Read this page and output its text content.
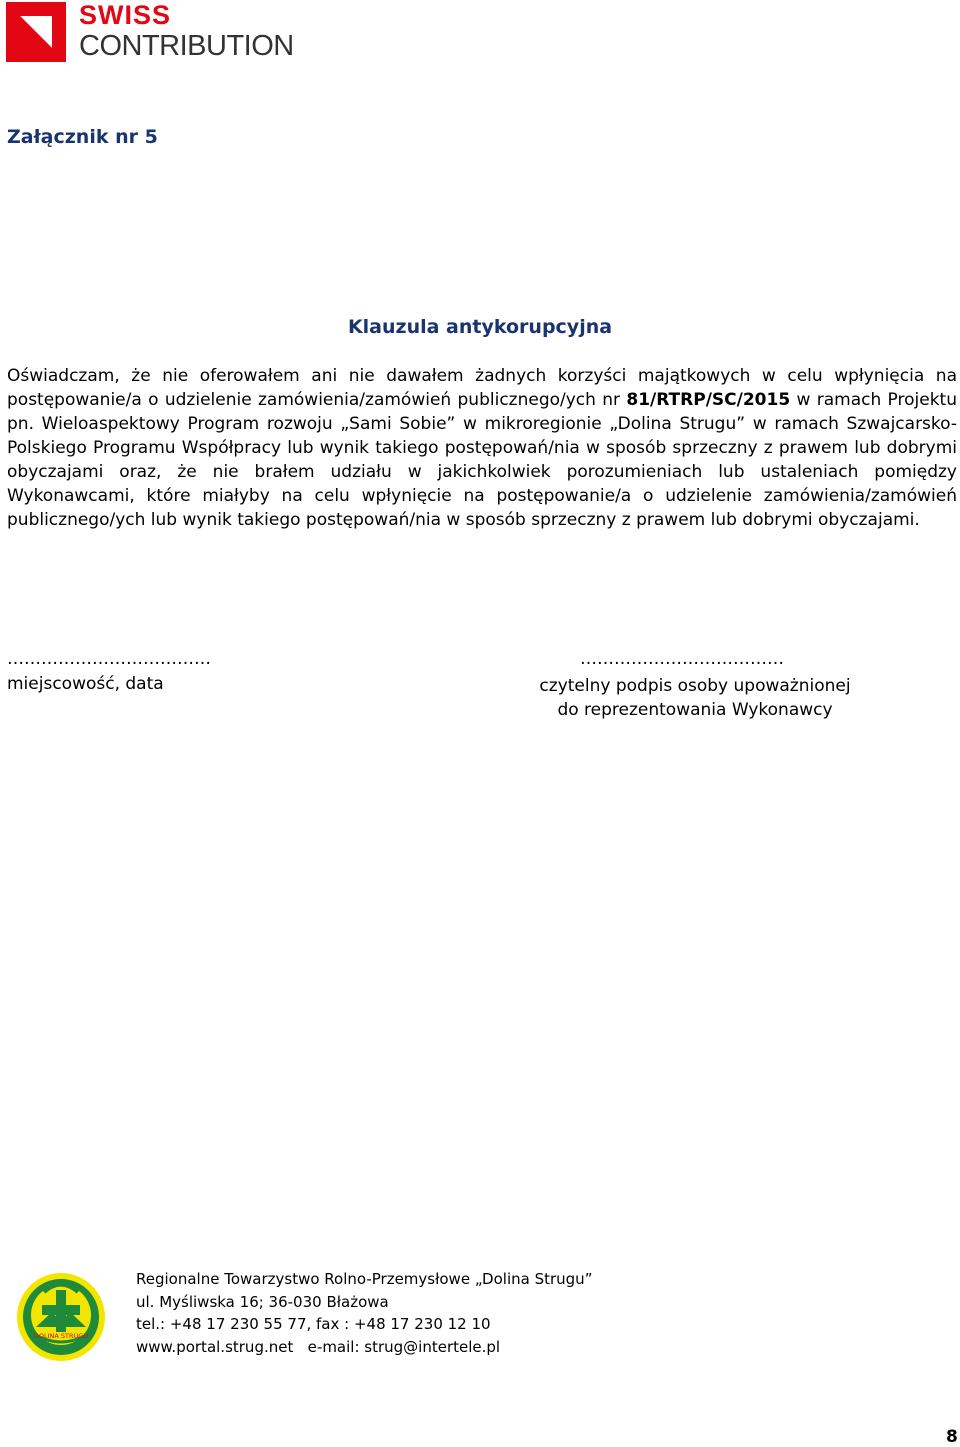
SWISS
CONTRIBUTION
Załącznik nr 5
Klauzula antykorupcyjna
Oświadczam, że nie oferowałem ani nie dawałem żadnych korzyści majątkowych w celu wpłynięcia na postępowanie/a o udzielenie zamówienia/zamówień publicznego/ych nr 81/RTRP/SC/2015 w ramach Projektu pn. Wieloaspektowy Program rozwoju „Sami Sobie” w mikroregionie „Dolina Strugu” w ramach Szwajcarsko-Polskiego Programu Współpracy lub wynik takiego postępowań/nia w sposób sprzeczny z prawem lub dobrymi obyczajami oraz, że nie brałem udziału w jakichkolwiek porozumieniach lub ustaleniach pomiędzy Wykonawcami, które miałyby na celu wpłynięcie na postępowanie/a o udzielenie zamówienia/zamówień publicznego/ych lub wynik takiego postępowań/nia w sposób sprzeczny z prawem lub dobrymi obyczajami.
………………………………	………………………………
miejscowość, data	czytelny podpis osoby upoważnionej
do reprezentowania Wykonawcy
DOLINA STRUGU
Regionalne Towarzystwo Rolno-Przemysłowe „Dolina Strugu”
ul. Myśliwska 16; 36-030 Błażowa
tel.: +48 17 230 55 77, fax : +48 17 230 12 10
www.portal.strug.net e-mail: strug@intertele.pl
8
